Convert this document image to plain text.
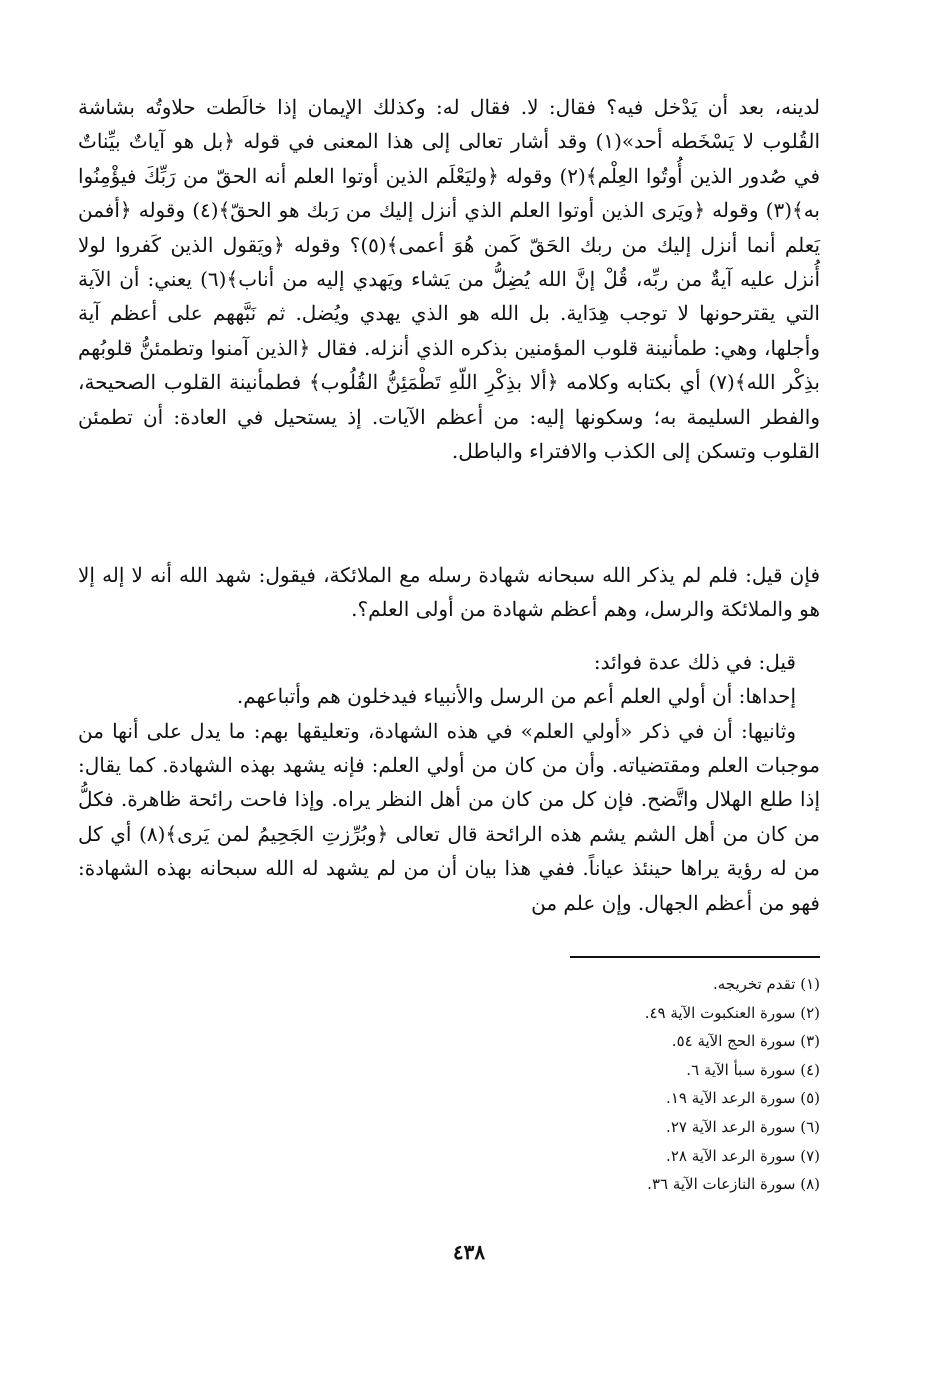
لدينه، بعد أن يَدْخل فيه؟ فقال: لا. فقال له: وكذلك الإيمان إذا خالَطت حلاوتُه بشاشة القُلوب لا يَسْخَطه أحد»(١) وقد أشار تعالى إلى هذا المعنى في قوله ﴿بل هو آياتٌ بيِّناتٌ في صُدور الذين أُوتُوا العِلْم﴾(٢) وقوله ﴿وليَعْلَم الذين أوتوا العلم أنه الحقّ من رَبِّكَ فيؤْمِنُوا به﴾(٣) وقوله ﴿ويَرى الذين أوتوا العلم الذي أنزل إليك من رَبك هو الحقّ﴾(٤) وقوله ﴿أفمن يَعلم أنما أنزل إليك من ربك الحَقّ كَمن هُوَ أعمى﴾(٥)؟ وقوله ﴿ويَقول الذين كَفروا لولا أُنزل عليه آيةٌ من ربِّه، قُلْ إنَّ الله يُضِلُّ من يَشاء ويَهدي إليه من أناب﴾(٦) يعني: أن الآية التي يقترحونها لا توجب هِدَاية. بل الله هو الذي يهدي ويُضل. ثم نَبَّههم على أعظم آية وأجلها، وهي: طمأنينة قلوب المؤمنين بذكره الذي أنزله. فقال ﴿الذين آمنوا وتطمئنُّ قلوبُهم بذِكْر الله﴾(٧) أي بكتابه وكلامه ﴿ألا بذِكْرِ اللّهِ تَطْمَئِنُّ القُلُوب﴾ فطمأنينة القلوب الصحيحة، والفطر السليمة به؛ وسكونها إليه: من أعظم الآيات. إذ يستحيل في العادة: أن تطمئن القلوب وتسكن إلى الكذب والافتراء والباطل.

فإن قيل: فلم لم يذكر الله سبحانه شهادة رسله مع الملائكة، فيقول: شهد الله أنه لا إله إلا هو والملائكة والرسل، وهم أعظم شهادة من أولى العلم؟.

قيل: في ذلك عدة فوائد:

إحداها: أن أولي العلم أعم من الرسل والأنبياء فيدخلون هم وأتباعهم.

وثانيها: أن في ذكر «أولي العلم» في هذه الشهادة، وتعليقها بهم: ما يدل على أنها من موجبات العلم ومقتضياته. وأن من كان من أولي العلم: فإنه يشهد بهذه الشهادة. كما يقال: إذا طلع الهلال واتَّضح. فإن كل من كان من أهل النظر يراه. وإذا فاحت رائحة ظاهرة. فكلُّ من كان من أهل الشم يشم هذه الرائحة قال تعالى ﴿وبُرِّزتِ الجَحِيمُ لمن يَرى﴾(٨) أي كل من له رؤية يراها حينئذ عياناً. ففي هذا بيان أن من لم يشهد له الله سبحانه بهذه الشهادة: فهو من أعظم الجهال. وإن علم من

(١) تقدم تخريجه.
(٢) سورة العنكبوت الآية ٤٩.
(٣) سورة الحج الآية ٥٤.
(٤) سورة سبأ الآية ٦.
(٥) سورة الرعد الآية ١٩.
(٦) سورة الرعد الآية ٢٧.
(٧) سورة الرعد الآية ٢٨.
(٨) سورة النازعات الآية ٣٦.
٤٣٨
